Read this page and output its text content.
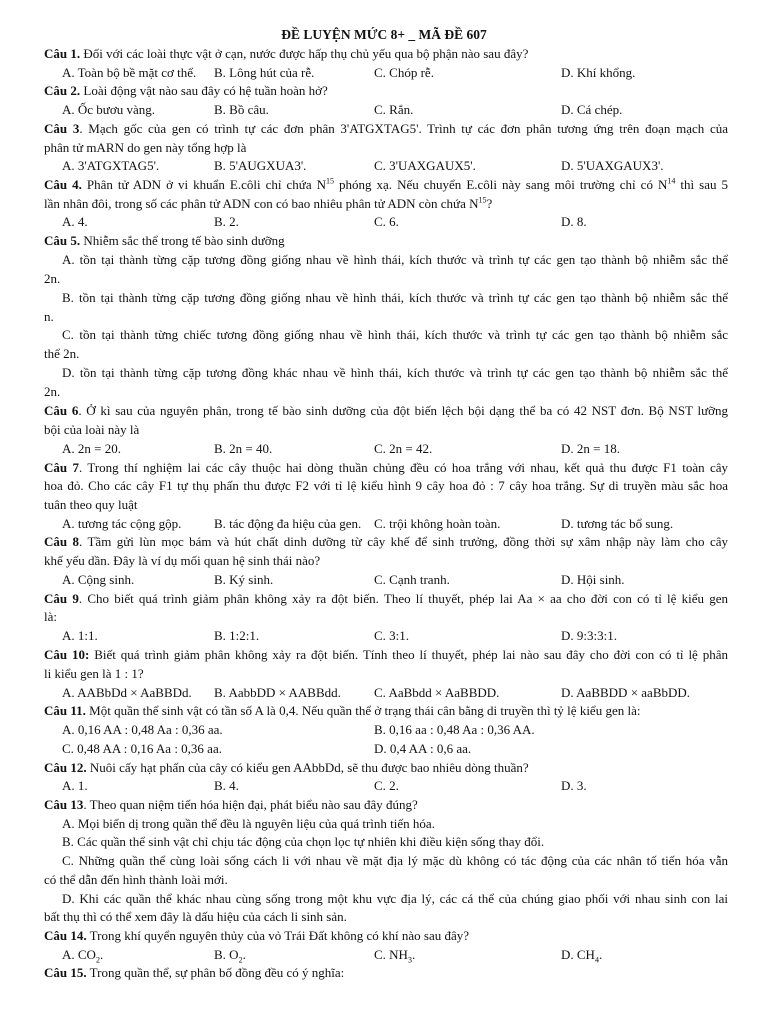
ĐỀ LUYỆN MỨC 8+ _ MÃ ĐỀ 607
Câu 1. Đối với các loài thực vật ở cạn, nước được hấp thụ chủ yếu qua bộ phận nào sau đây?
A. Toàn bộ bề mặt cơ thể. B. Lông hút của rễ.	C. Chóp rễ.	D. Khí khổng.
Câu 2. Loài động vật nào sau đây có hệ tuần hoàn hở?
A. Ốc bươu vàng.	B. Bồ câu.	C. Rắn.	D. Cá chép.
Câu 3. Mạch gốc của gen có trình tự các đơn phân 3'ATGXTAG5'. Trình tự các đơn phân tương ứng trên đoạn mạch của
phân tử mARN do gen này tổng hợp là
A. 3'ATGXTAG5'.	B. 5'AUGXUA3'.	C. 3'UAXGAUX5'.	D. 5'UAXGAUX3'.
Câu 4. Phân tử ADN ở vi khuẩn E.côli chỉ chứa $N^{15}$ phóng xạ. Nếu chuyển E.côli này sang môi trường chỉ có $N^{14}$ thì sau 5
lần nhân đôi, trong số các phân tử ADN con có bao nhiêu phân tử ADN còn chứa $N^{15}$?
A. 4.	B. 2.	C. 6.	D. 8.
Câu 5. Nhiễm sắc thể trong tế bào sinh dưỡng
A. tồn tại thành từng cặp tương đồng giống nhau về hình thái, kích thước và trình tự các gen tạo thành bộ nhiễm sắc thể
2n.
B. tồn tại thành từng cặp tương đồng giống nhau về hình thái, kích thước và trình tự các gen tạo thành bộ nhiễm sắc thể
n.
C. tồn tại thành từng chiếc tương đồng giống nhau về hình thái, kích thước và trình tự các gen tạo thành bộ nhiễm sắc
thể 2n.
D. tồn tại thành từng cặp tương đồng khác nhau về hình thái, kích thước và trình tự các gen tạo thành bộ nhiễm sắc thể
2n.
Câu 6. Ở kì sau của nguyên phân, trong tế bào sinh dưỡng của đột biến lệch bội dạng thể ba có 42 NST đơn. Bộ NST lưỡng
bội của loài này là
A. 2n = 20.	B. 2n = 40.	C. 2n = 42.	D. 2n = 18.
Câu 7. Trong thí nghiệm lai các cây thuộc hai dòng thuần chủng đều có hoa trắng với nhau, kết quả thu được F1 toàn cây
hoa đỏ. Cho các cây F1 tự thụ phấn thu được F2 với tỉ lệ kiểu hình 9 cây hoa đỏ : 7 cây hoa trắng. Sự di truyền màu sắc hoa
tuân theo quy luật
A. tương tác cộng gộp.	B. tác động đa hiệu của gen. C. trội không hoàn toàn.	D. tương tác bổ sung.
Câu 8. Tầm gửi lùn mọc bám và hút chất dinh dưỡng từ cây khế để sinh trưởng, đồng thời sự xâm nhập này làm cho cây
khế yếu dần. Đây là ví dụ mối quan hệ sinh thái nào?
A. Cộng sinh.	B. Ký sinh.	C. Cạnh tranh.	D. Hội sinh.
Câu 9. Cho biết quá trình giảm phân không xảy ra đột biến. Theo lí thuyết, phép lai Aa × aa cho đời con có tỉ lệ kiểu gen
là:
A. 1:1.	B. 1:2:1.	C. 3:1.	D. 9:3:3:1.
Câu 10: Biết quá trình giảm phân không xảy ra đột biến. Tính theo lí thuyết, phép lai nào sau đây cho đời con có tỉ lệ phân
li kiểu gen là 1 : 1?
A. AABbDd × AaBBDd. B. AabbDD × AABBdd.	C. AaBbdd × AaBBDD.	D. AaBBDD × aaBbDD.
Câu 11. Một quần thể sinh vật có tần số A là 0,4. Nếu quần thể ở trạng thái cân bằng di truyền thì tỷ lệ kiểu gen là:
A. 0,16 AA : 0,48 Aa : 0,36 aa.	B. 0,16 aa : 0,48 Aa : 0,36 AA.
C. 0,48 AA : 0,16 Aa : 0,36 aa.	D. 0,4 AA : 0,6 aa.
Câu 12. Nuôi cấy hạt phấn của cây có kiểu gen AAbbDd, sẽ thu được bao nhiêu dòng thuần?
A. 1.	B. 4.	C. 2.	D. 3.
Câu 13. Theo quan niệm tiến hóa hiện đại, phát biểu nào sau đây đúng?
A. Mọi biến dị trong quần thể đều là nguyên liệu của quá trình tiến hóa.
B. Các quần thể sinh vật chỉ chịu tác động của chọn lọc tự nhiên khi điều kiện sống thay đổi.
C. Những quần thể cùng loài sống cách li với nhau về mặt địa lý mặc dù không có tác động của các nhân tố tiến hóa vẫn
có thể dẫn đến hình thành loài mới.
D. Khi các quần thể khác nhau cùng sống trong một khu vực địa lý, các cá thể của chúng giao phối với nhau sinh con lai
bất thụ thì có thể xem đây là dấu hiệu của cách li sinh sản.
Câu 14. Trong khí quyển nguyên thủy của vỏ Trái Đất không có khí nào sau đây?
A. $CO_2$.	B. $O_2$.	C. $NH_3$.	D. $CH_4$.
Câu 15. Trong quần thể, sự phân bố đồng đều có ý nghĩa:
